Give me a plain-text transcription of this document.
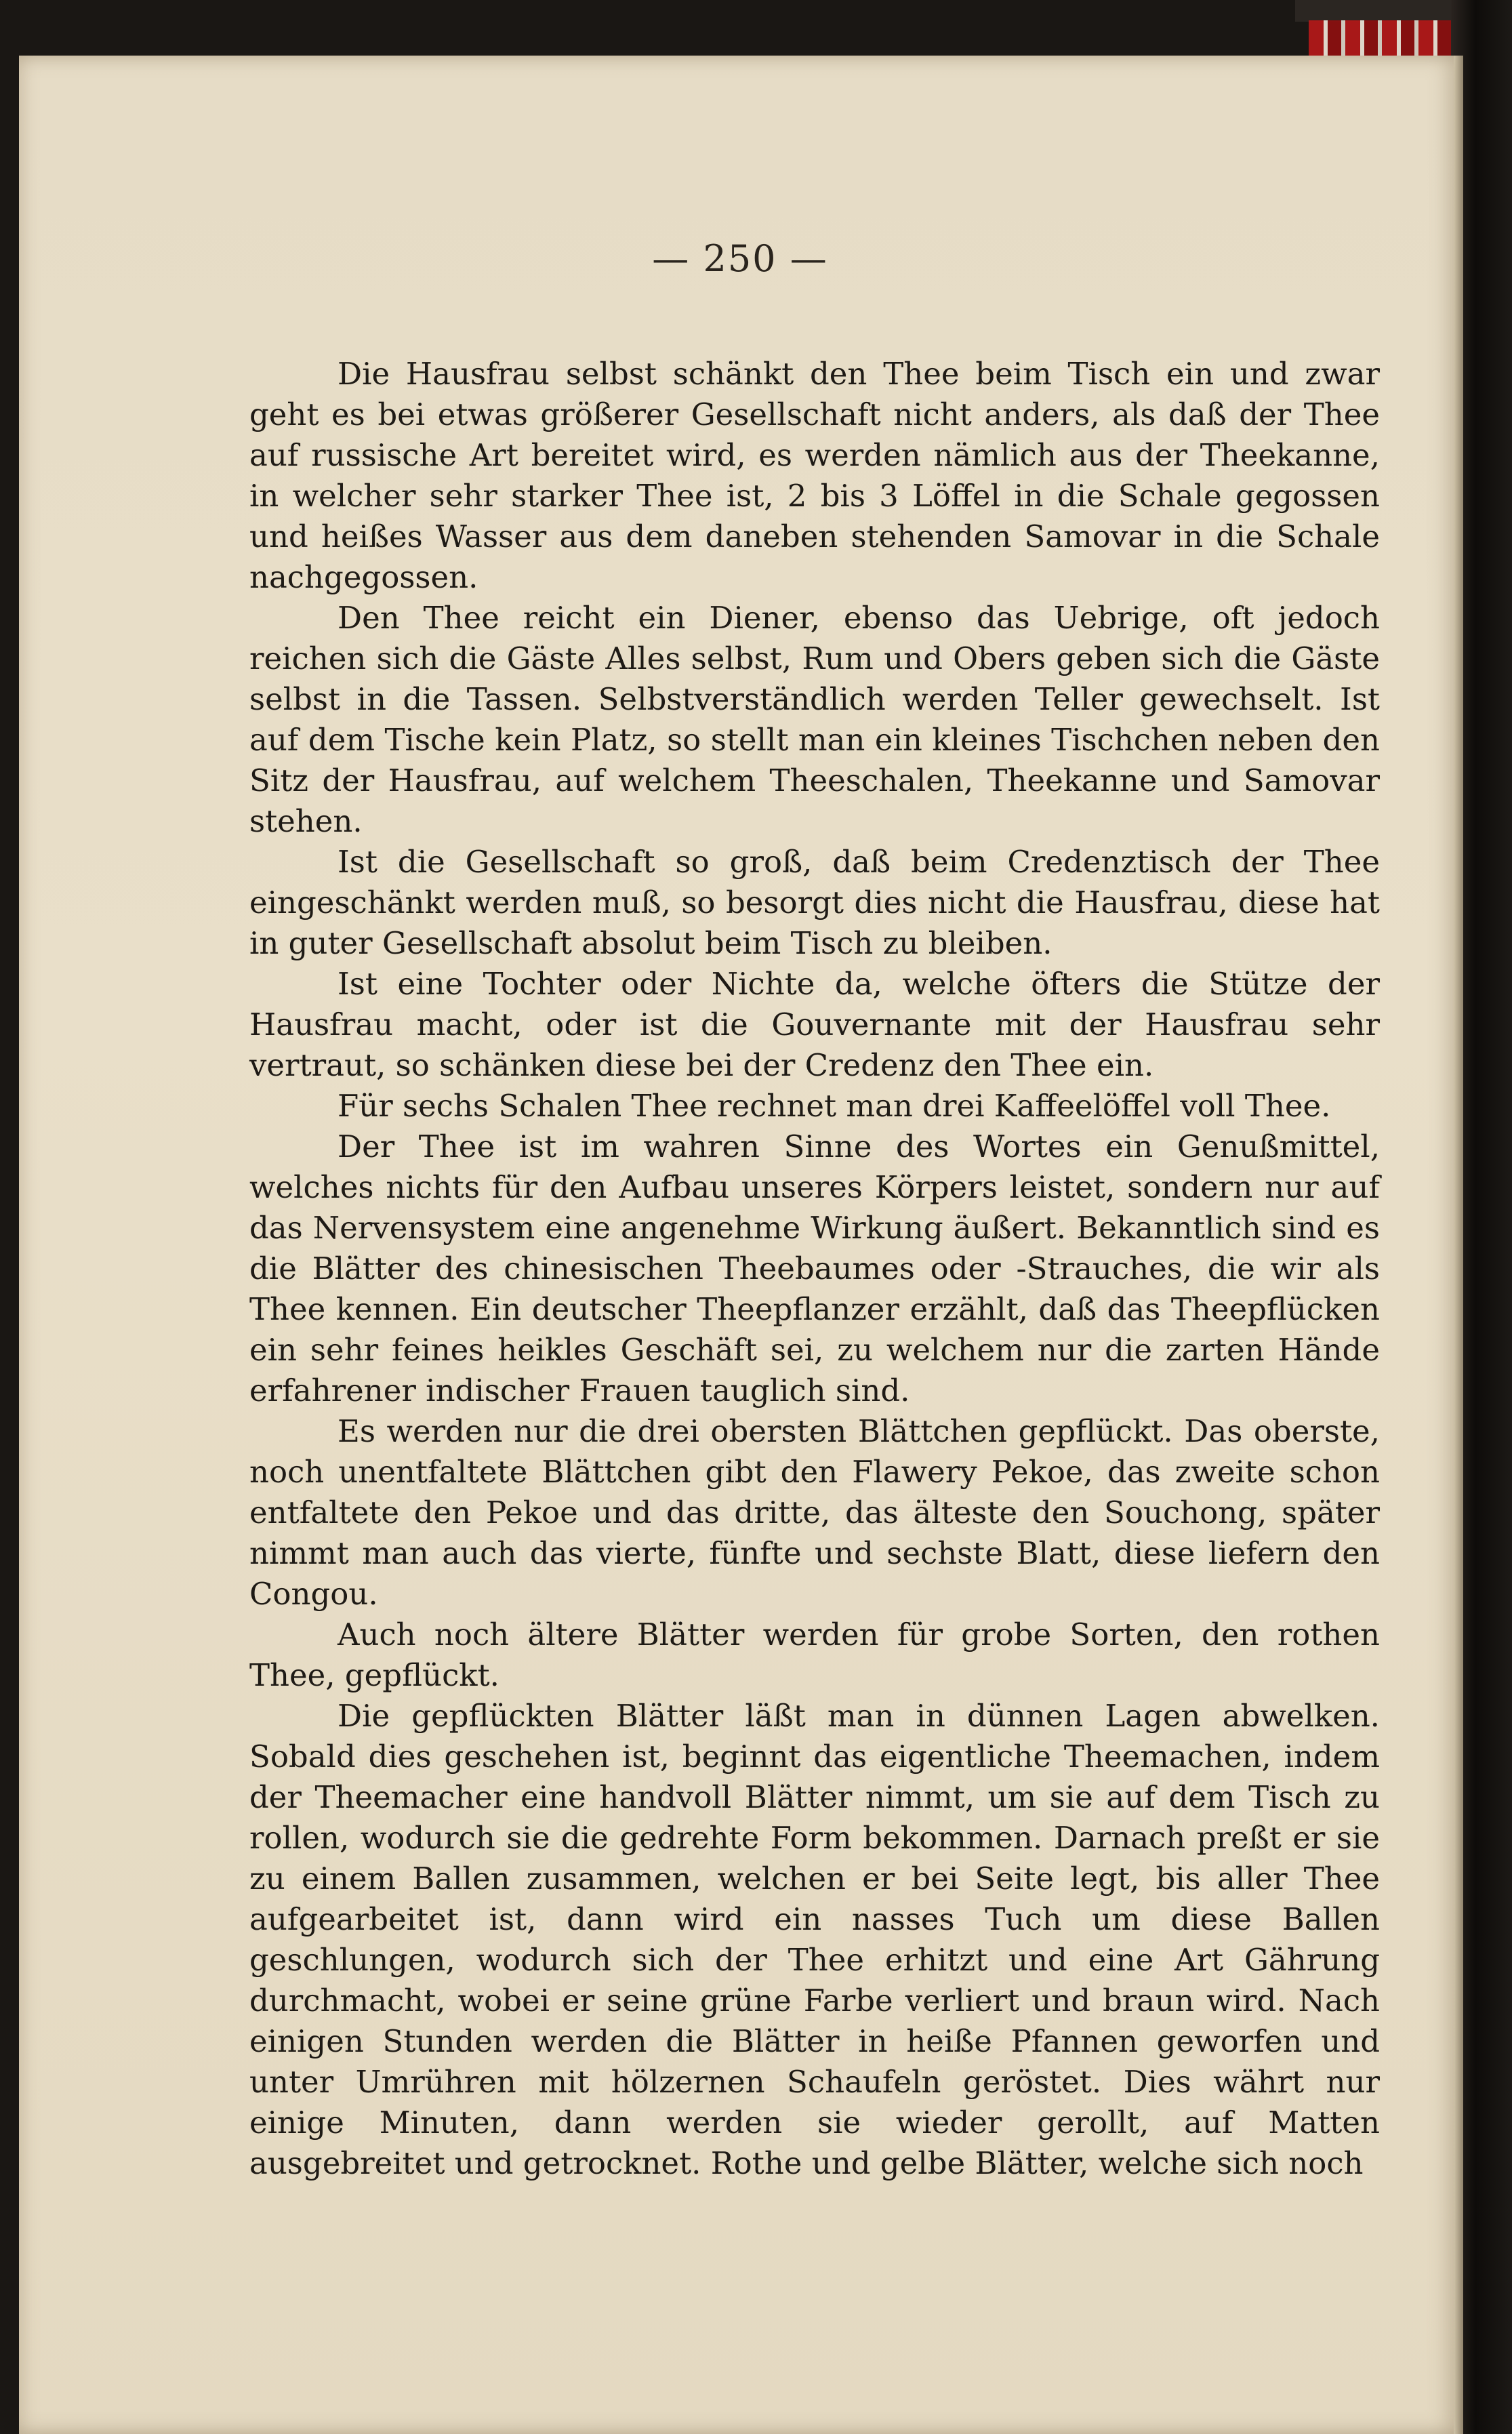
— 250 —

Die Hausfrau selbst schänkt den Thee beim Tisch ein und zwar geht es bei etwas größerer Gesellschaft nicht anders, als daß der Thee auf russische Art bereitet wird, es werden nämlich aus der Theekanne, in welcher sehr starker Thee ist, 2 bis 3 Löffel in die Schale gegossen und heißes Wasser aus dem daneben stehenden Samovar in die Schale nachgegossen.

Den Thee reicht ein Diener, ebenso das Uebrige, oft jedoch reichen sich die Gäste Alles selbst, Rum und Obers geben sich die Gäste selbst in die Tassen. Selbstverständlich werden Teller gewechselt. Ist auf dem Tische kein Platz, so stellt man ein kleines Tischchen neben den Sitz der Hausfrau, auf welchem Theeschalen, Theekanne und Samovar stehen.

Ist die Gesellschaft so groß, daß beim Credenztisch der Thee eingeschänkt werden muß, so besorgt dies nicht die Hausfrau, diese hat in guter Gesellschaft absolut beim Tisch zu bleiben.

Ist eine Tochter oder Nichte da, welche öfters die Stütze der Hausfrau macht, oder ist die Gouvernante mit der Hausfrau sehr vertraut, so schänken diese bei der Credenz den Thee ein.

Für sechs Schalen Thee rechnet man drei Kaffeelöffel voll Thee.

Der Thee ist im wahren Sinne des Wortes ein Genußmittel, welches nichts für den Aufbau unseres Körpers leistet, sondern nur auf das Nervensystem eine angenehme Wirkung äußert. Bekanntlich sind es die Blätter des chinesischen Theebaumes oder -Strauches, die wir als Thee kennen. Ein deutscher Theepflanzer erzählt, daß das Theepflücken ein sehr feines heikles Geschäft sei, zu welchem nur die zarten Hände erfahrener indischer Frauen tauglich sind.

Es werden nur die drei obersten Blättchen gepflückt. Das oberste, noch unentfaltete Blättchen gibt den Flawery Pekoe, das zweite schon entfaltete den Pekoe und das dritte, das älteste den Souchong, später nimmt man auch das vierte, fünfte und sechste Blatt, diese liefern den Congou.

Auch noch ältere Blätter werden für grobe Sorten, den rothen Thee, gepflückt.

Die gepflückten Blätter läßt man in dünnen Lagen abwelken. Sobald dies geschehen ist, beginnt das eigentliche Theemachen, indem der Theemacher eine handvoll Blätter nimmt, um sie auf dem Tisch zu rollen, wodurch sie die gedrehte Form bekommen. Darnach preßt er sie zu einem Ballen zusammen, welchen er bei Seite legt, bis aller Thee aufgearbeitet ist, dann wird ein nasses Tuch um diese Ballen geschlungen, wodurch sich der Thee erhitzt und eine Art Gährung durchmacht, wobei er seine grüne Farbe verliert und braun wird. Nach einigen Stunden werden die Blätter in heiße Pfannen geworfen und unter Umrühren mit hölzernen Schaufeln geröstet. Dies währt nur einige Minuten, dann werden sie wieder gerollt, auf Matten ausgebreitet und getrocknet. Rothe und gelbe Blätter, welche sich noch
